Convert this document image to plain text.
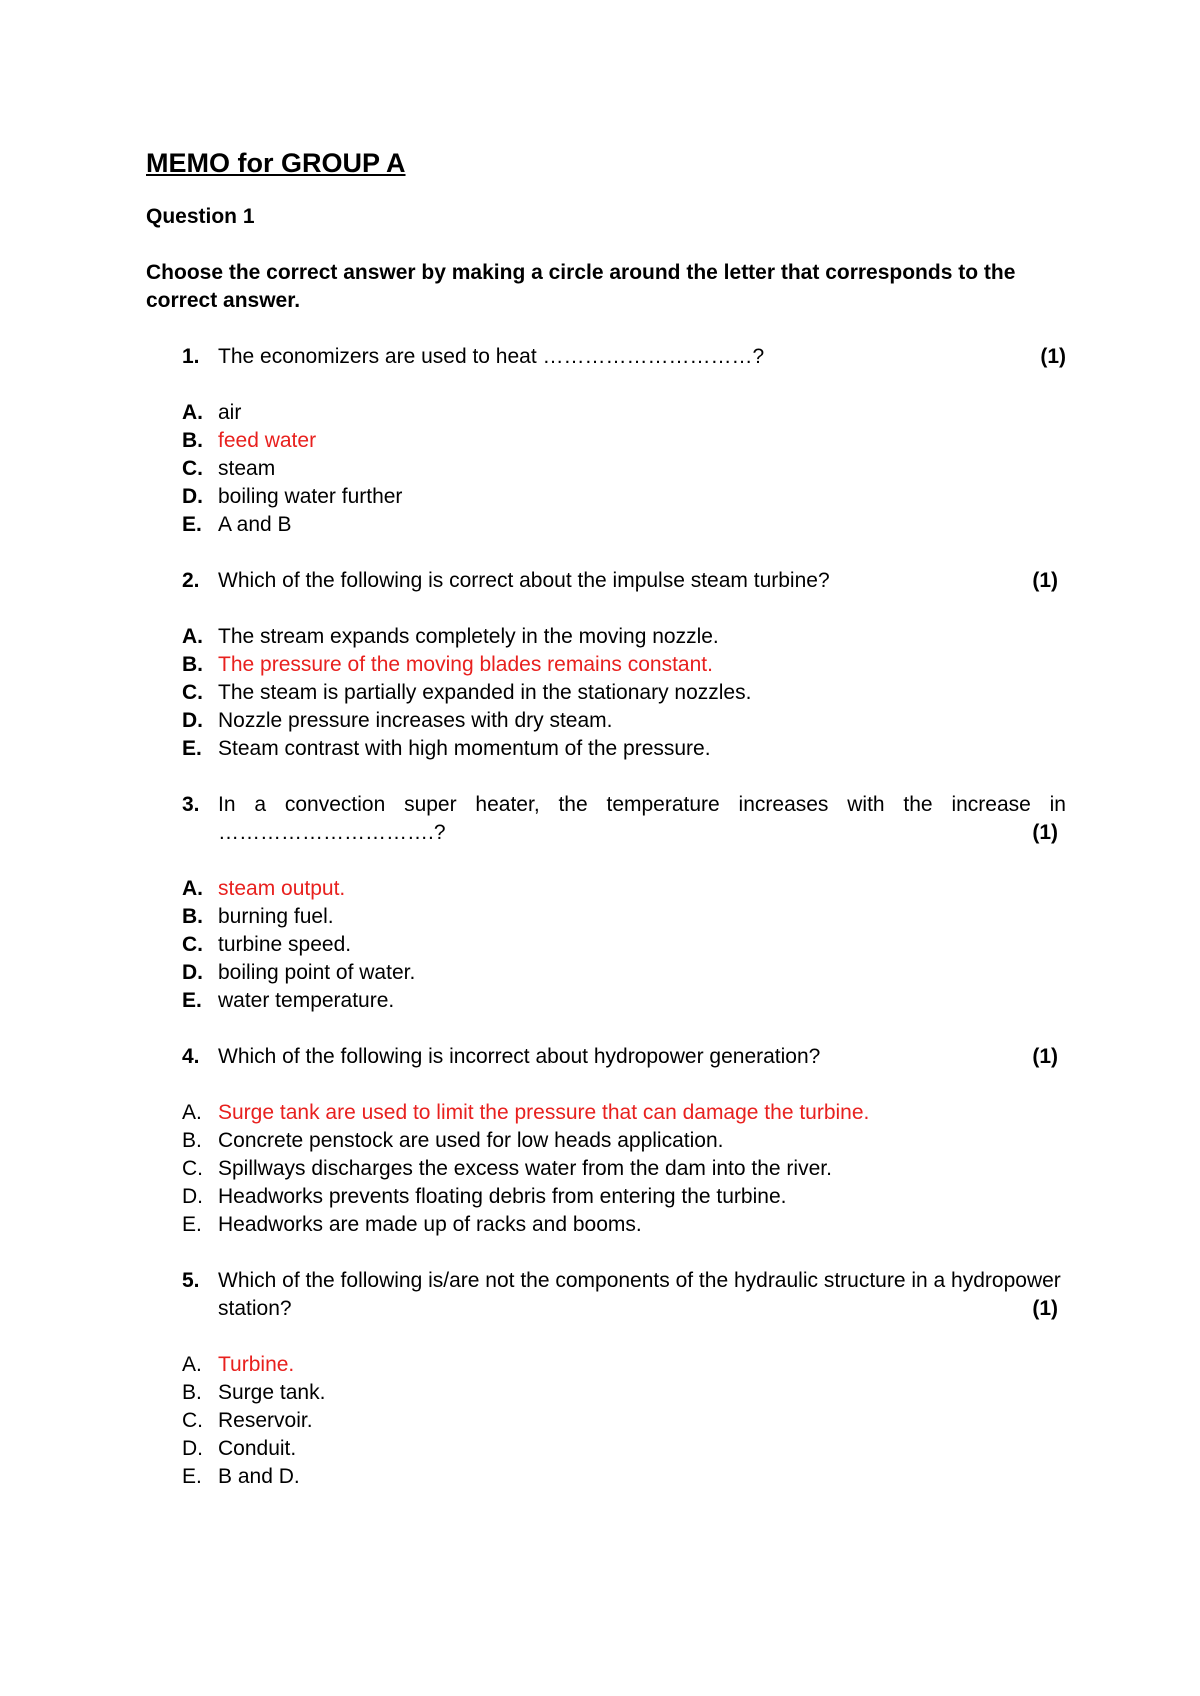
MEMO for GROUP A
Question 1
Choose the correct answer by making a circle around the letter that corresponds to the correct answer.
1. The economizers are used to heat …………………………?	(1)
A. air
B. feed water
C. steam
D. boiling water further
E. A and B
2. Which of the following is correct about the impulse steam turbine?	(1)
A. The stream expands completely in the moving nozzle.
B. The pressure of the moving blades remains constant.
C. The steam is partially expanded in the stationary nozzles.
D. Nozzle pressure increases with dry steam.
E. Steam contrast with high momentum of the pressure.
3. In a convection super heater, the temperature increases with the increase in ………………………….?	(1)
A. steam output.
B. burning fuel.
C. turbine speed.
D. boiling point of water.
E. water temperature.
4. Which of the following is incorrect about hydropower generation?	(1)
A. Surge tank are used to limit the pressure that can damage the turbine.
B. Concrete penstock are used for low heads application.
C. Spillways discharges the excess water from the dam into the river.
D. Headworks prevents floating debris from entering the turbine.
E. Headworks are made up of racks and booms.
5. Which of the following is/are not the components of the hydraulic structure in a hydropower station?	(1)
A. Turbine.
B. Surge tank.
C. Reservoir.
D. Conduit.
E. B and D.
